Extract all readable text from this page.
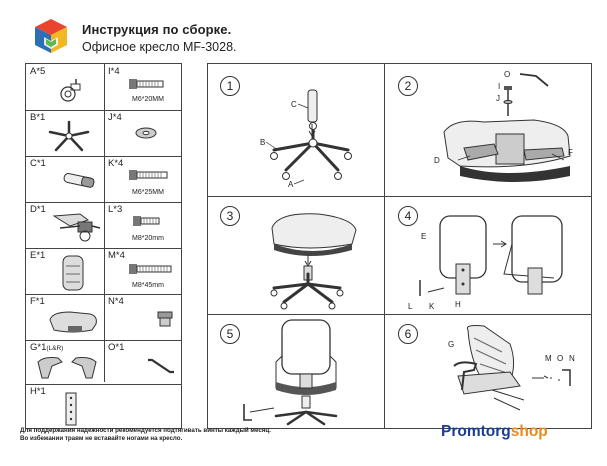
Инструкция по сборке.
Офисное кресло MF-3028.
A*5	I*4
M6*20MM
B*1	J*4
C*1	K*4
M6*25MM
D*1	L*3
M8*20mm
E*1	M*4
M8*45mm
F*1	N*4
G*1(L&R)	O*1
H*1
1
C
B
A
2
O
I
J
D
F
3	4
E
L K	H
5	6
G
M O N
Для поддержания надежности рекомендуется подтягивать винты каждый месяц.
Во избежании травм не вставайте ногами на кресло.	Promtorgshop
